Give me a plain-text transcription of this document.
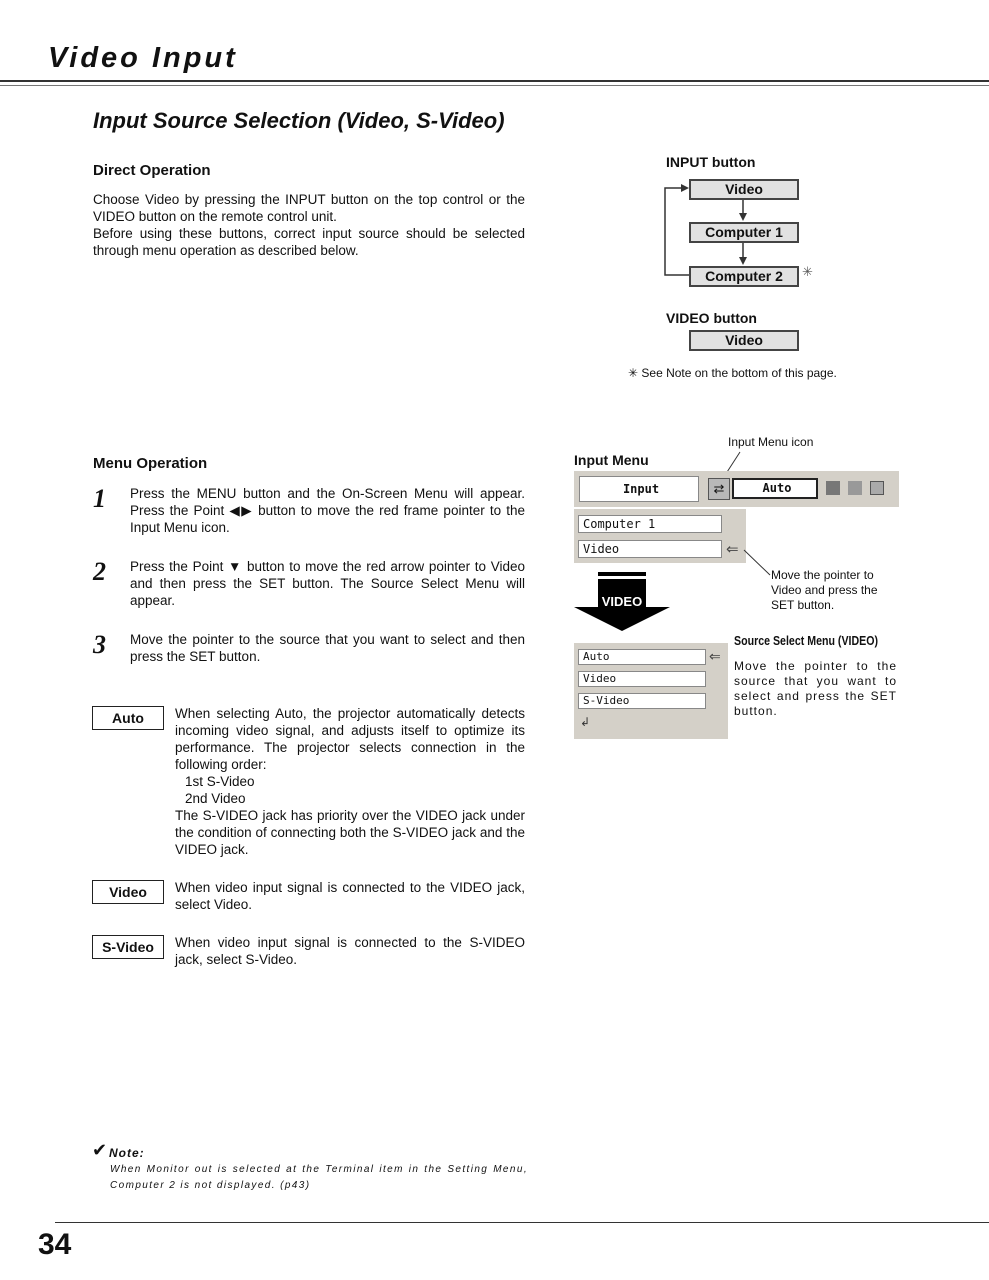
Video Input
Input Source Selection (Video, S-Video)
Direct Operation
Choose Video by pressing the INPUT button on the top control or the VIDEO button on the remote control unit.
Before using these buttons, correct input source should be selected through menu operation as described below.
INPUT button
Video
Computer 1
Computer 2	✳
VIDEO button
Video
✳ See Note on the bottom of this page.
Menu Operation
1 Press the MENU button and the On-Screen Menu will appear. Press the Point ◀▶ button to move the red frame pointer to the Input Menu icon.
2 Press the Point ▼ button to move the red arrow pointer to Video and then press the SET button. The Source Select Menu will appear.
3 Move the pointer to the source that you want to select and then press the SET button.
Auto	When selecting Auto, the projector automatically detects incoming video signal, and adjusts itself to optimize its performance. The projector selects connection in the following order:
1st S-Video
2nd Video
The S-VIDEO jack has priority over the VIDEO jack under the condition of connecting both the S-VIDEO jack and the VIDEO jack.
Video	When video input signal is connected to the VIDEO jack, select Video.
S-Video	When video input signal is connected to the S-VIDEO jack, select S-Video.
Input Menu icon
Input Menu
Input	⇄	Auto
Computer 1
Video	⇐
Move the pointer to Video and press the SET button.
VIDEO
Source Select Menu (VIDEO)
Move the pointer to the source that you want to select and press the SET button.
Auto
Video
S-Video
⇐
↲
✔ Note:
When Monitor out is selected at the Terminal item in the Setting Menu, Computer 2 is not displayed. (p43)
34
